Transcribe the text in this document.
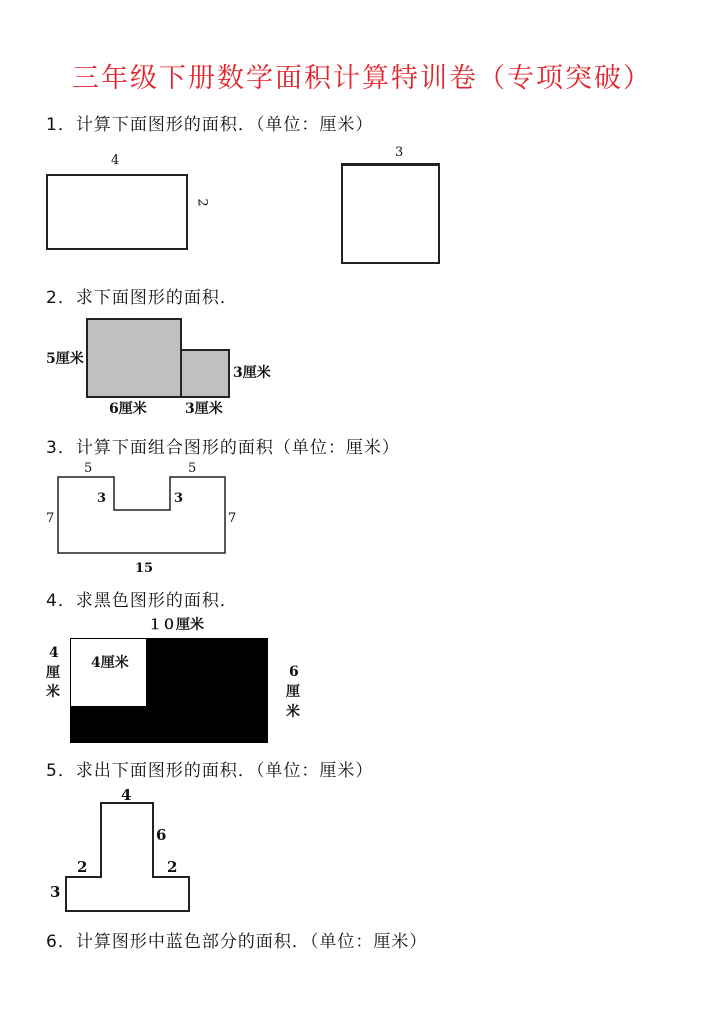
三年级下册数学面积计算特训卷（专项突破）
1．计算下面图形的面积．（单位：厘米）
4
2
3
2．求下面图形的面积．
5厘米
3厘米
6厘米	3厘米
3．计算下面组合图形的面积（单位：厘米）
5	5
3	3
7	7
15
4．求黑色图形的面积．
１０厘米
4厘米
4
厘
米
6
厘
米
5．求出下面图形的面积．（单位：厘米）
4
6
2	2
3
6．计算图形中蓝色部分的面积．（单位：厘米）
